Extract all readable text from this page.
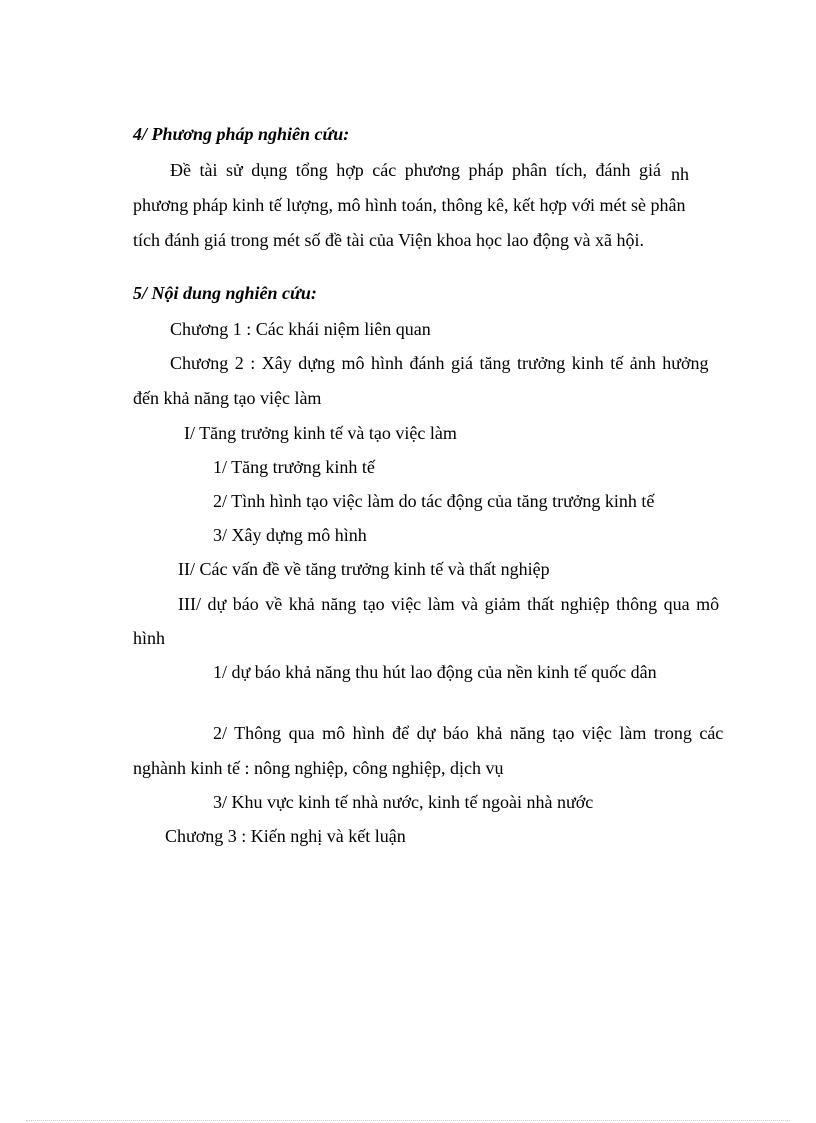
4/ Phương pháp nghiên cứu:
Đề tài sử dụng tổng hợp các phương pháp phân tích, đánh giá nh
phương pháp kinh tế lượng, mô hình toán, thông kê, kết hợp với mét sè phân
tích đánh giá trong mét số đề tài của Viện khoa học lao động và xã hội.
5/ Nội dung nghiên cứu:
Chương 1 : Các khái niệm liên quan
Chương 2 : Xây dựng mô hình đánh giá tăng trưởng kinh tế ảnh hưởng
đến khả năng tạo việc làm
I/ Tăng trưởng kinh tế và tạo việc làm
1/ Tăng trưởng kinh tế
2/ Tình hình tạo việc làm do tác động của tăng trưởng kinh tế
3/ Xây dựng mô hình
II/ Các vấn đề về tăng trưởng kinh tế và thất nghiệp
III/ dự báo về khả năng tạo việc làm và giảm thất nghiệp thông qua mô
hình
1/ dự báo khả năng thu hút lao động của nền kinh tế quốc dân
2/ Thông qua mô hình để dự báo khả năng tạo việc làm trong các
nghành kinh tế : nông nghiệp, công nghiệp, dịch vụ
3/ Khu vực kinh tế nhà nước, kinh tế ngoài nhà nước
Chương 3 : Kiến nghị và kết luận
